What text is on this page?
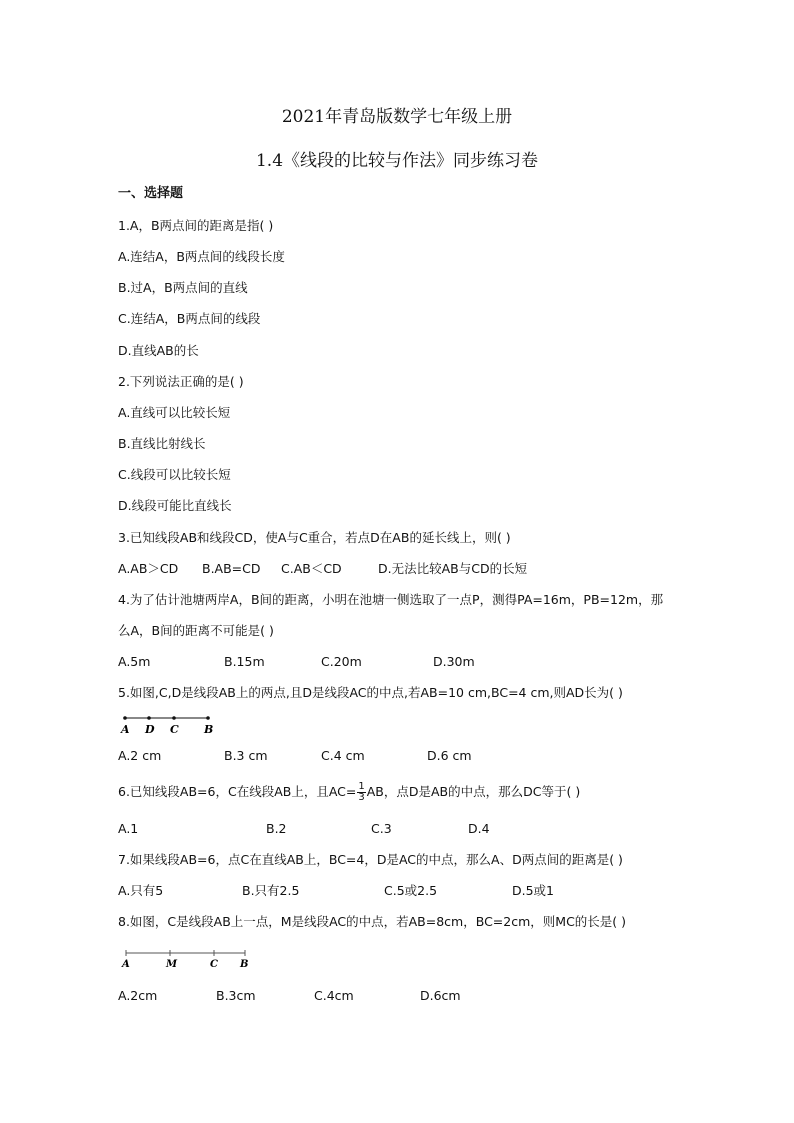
2021年青岛版数学七年级上册
1.4《线段的比较与作法》同步练习卷
一、选择题
1.A，B两点间的距离是指( )
A.连结A，B两点间的线段长度
B.过A，B两点间的直线
C.连结A，B两点间的线段
D.直线AB的长
2.下列说法正确的是( )
A.直线可以比较长短
B.直线比射线长
C.线段可以比较长短
D.线段可能比直线长
3.已知线段AB和线段CD，使A与C重合，若点D在AB的延长线上，则( )
A.AB＞CD B.AB=CD C.AB＜CD	D.无法比较AB与CD的长短
4.为了估计池塘两岸A，B间的距离，小明在池塘一侧选取了一点P，测得PA=16m，PB=12m，那
么A，B间的距离不可能是( )
A.5m	B.15m	C.20m	D.30m
5.如图,C,D是线段AB上的两点,且D是线段AC的中点,若AB=10 cm,BC=4 cm,则AD长为( )
A D C B
A.2 cm	B.3 cm	C.4 cm	D.6 cm
6.已知线段AB=6，C在线段AB上，且$AC= \frac{1}{3}$ AB，点D是AB的中点，那么DC等于( )
A.1	B.2	C.3	D.4
7.如果线段AB=6，点C在直线AB上，BC=4，D是AC的中点，那么A、D两点间的距离是( )
A.只有5	B.只有2.5	C.5或2.5	D.5或1
8.如图，C是线段AB上一点，M是线段AC的中点，若AB=8cm，BC=2cm，则MC的长是( )
A	M	C B
A.2cm	B.3cm	C.4cm	D.6cm
